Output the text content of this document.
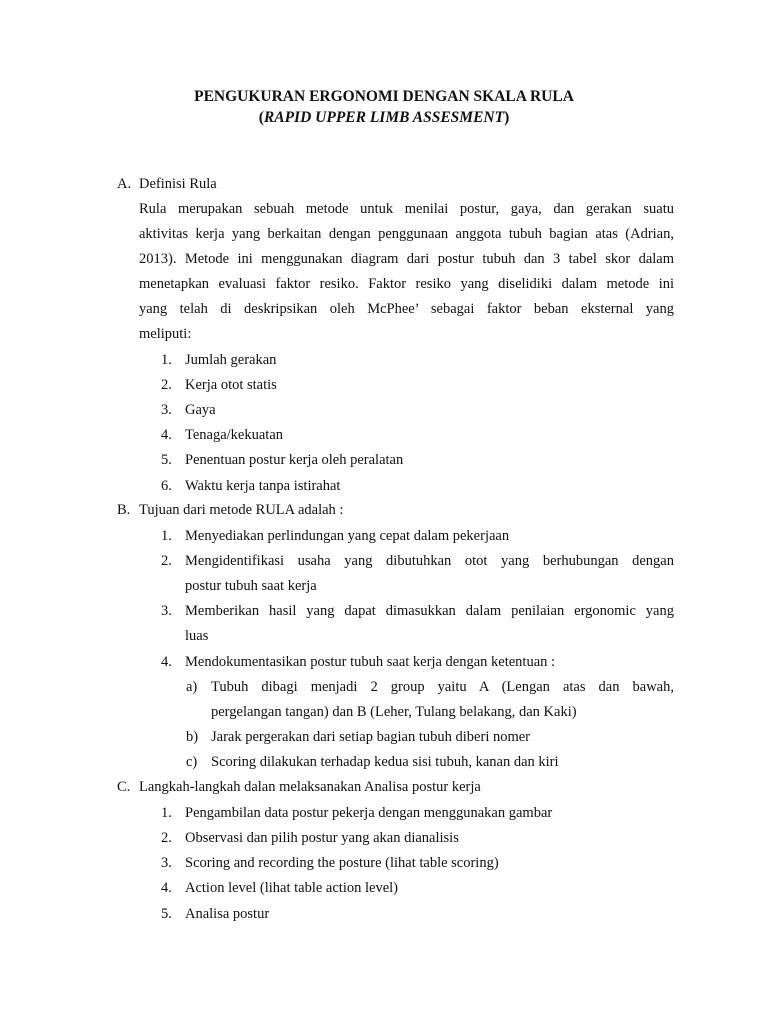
PENGUKURAN ERGONOMI DENGAN SKALA RULA
(RAPID UPPER LIMB ASSESMENT)
A. Definisi Rula
Rula merupakan sebuah metode untuk menilai postur, gaya, dan gerakan suatu
aktivitas kerja yang berkaitan dengan penggunaan anggota tubuh bagian atas (Adrian,
2013). Metode ini menggunakan diagram dari postur tubuh dan 3 tabel skor dalam
menetapkan evaluasi faktor resiko. Faktor resiko yang diselidiki dalam metode ini
yang telah di deskripsikan oleh McPhee’ sebagai faktor beban eksternal yang
meliputi:
1. Jumlah gerakan
2. Kerja otot statis
3. Gaya
4. Tenaga/kekuatan
5. Penentuan postur kerja oleh peralatan
6. Waktu kerja tanpa istirahat
B. Tujuan dari metode RULA adalah :
1. Menyediakan perlindungan yang cepat dalam pekerjaan
2. Mengidentifikasi usaha yang dibutuhkan otot yang berhubungan dengan
postur tubuh saat kerja
3. Memberikan hasil yang dapat dimasukkan dalam penilaian ergonomic yang
luas
4. Mendokumentasikan postur tubuh saat kerja dengan ketentuan :
a) Tubuh dibagi menjadi 2 group yaitu A (Lengan atas dan bawah,
pergelangan tangan) dan B (Leher, Tulang belakang, dan Kaki)
b) Jarak pergerakan dari setiap bagian tubuh diberi nomer
c) Scoring dilakukan terhadap kedua sisi tubuh, kanan dan kiri
C. Langkah-langkah dalan melaksanakan Analisa postur kerja
1. Pengambilan data postur pekerja dengan menggunakan gambar
2. Observasi dan pilih postur yang akan dianalisis
3. Scoring and recording the posture (lihat table scoring)
4. Action level (lihat table action level)
5. Analisa postur
